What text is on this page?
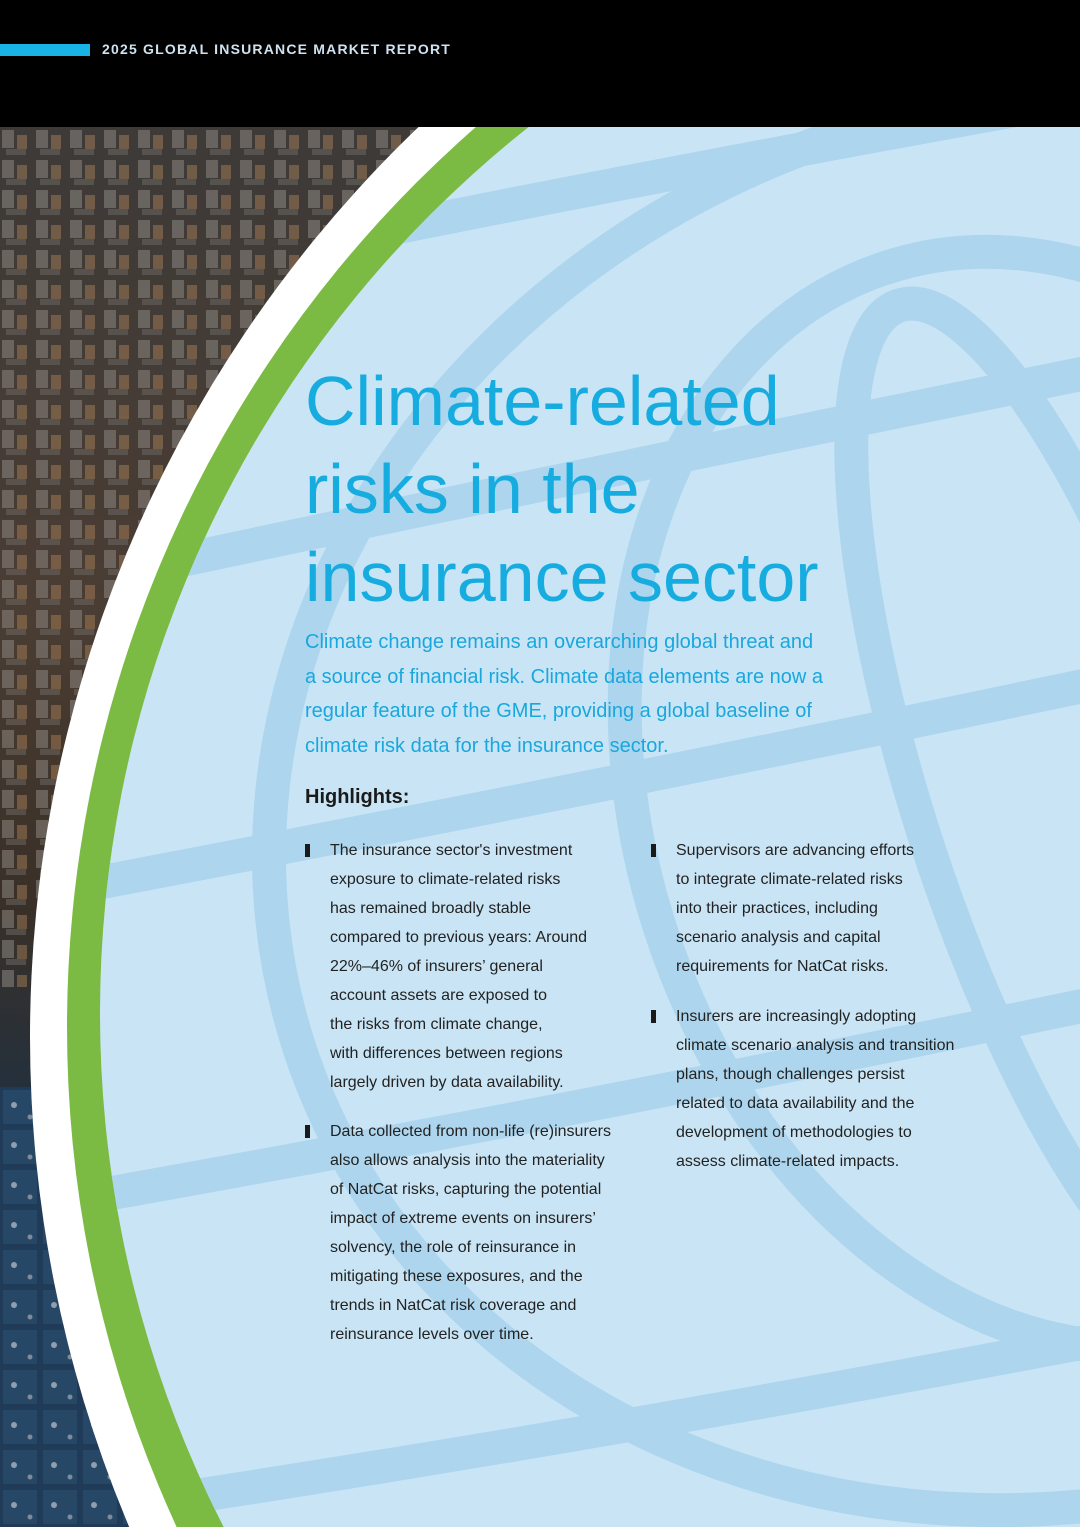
2025 GLOBAL INSURANCE MARKET REPORT
Climate-related
risks in the
insurance sector
Climate change remains an overarching global threat and
a source of financial risk. Climate data elements are now a
regular feature of the GME, providing a global baseline of
climate risk data for the insurance sector.
Highlights:
The insurance sector's investment
exposure to climate-related risks
has remained broadly stable
compared to previous years: Around
22%–46% of insurers’ general
account assets are exposed to
the risks from climate change,
with differences between regions
largely driven by data availability.
Data collected from non-life (re)insurers
also allows analysis into the materiality
of NatCat risks, capturing the potential
impact of extreme events on insurers’
solvency, the role of reinsurance in
mitigating these exposures, and the
trends in NatCat risk coverage and
reinsurance levels over time.
Supervisors are advancing efforts
to integrate climate-related risks
into their practices, including
scenario analysis and capital
requirements for NatCat risks.
Insurers are increasingly adopting
climate scenario analysis and transition
plans, though challenges persist
related to data availability and the
development of methodologies to
assess climate-related impacts.
